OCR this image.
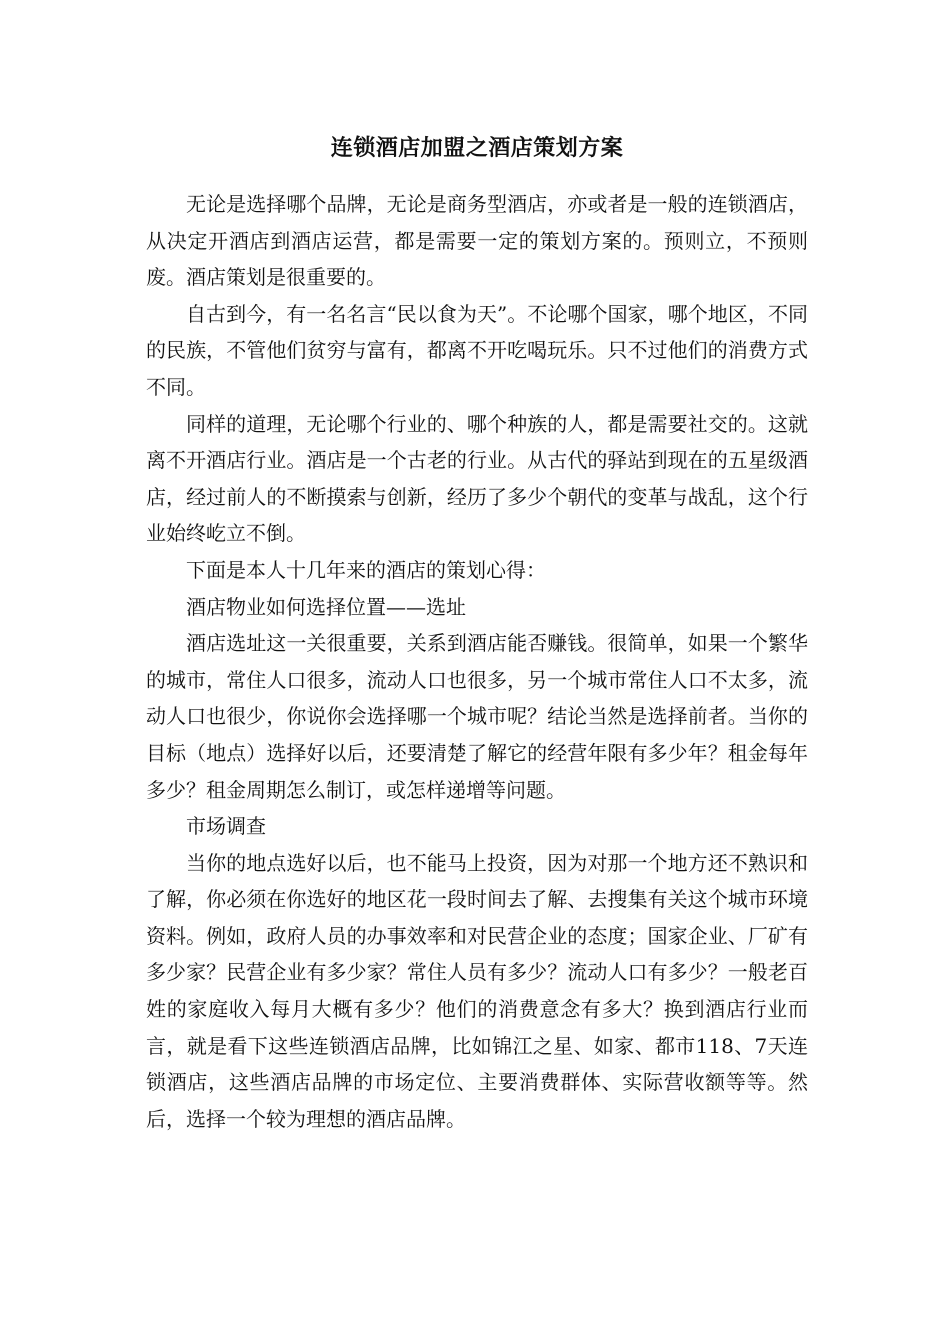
连锁酒店加盟之酒店策划方案

无论是选择哪个品牌，无论是商务型酒店，亦或者是一般的连锁酒店，从决定开酒店到酒店运营，都是需要一定的策划方案的。预则立，不预则废。酒店策划是很重要的。

自古到今，有一名名言“民以食为天”。不论哪个国家，哪个地区，不同的民族，不管他们贫穷与富有，都离不开吃喝玩乐。只不过他们的消费方式不同。

同样的道理，无论哪个行业的、哪个种族的人，都是需要社交的。这就离不开酒店行业。酒店是一个古老的行业。从古代的驿站到现在的五星级酒店，经过前人的不断摸索与创新，经历了多少个朝代的变革与战乱，这个行业始终屹立不倒。

下面是本人十几年来的酒店的策划心得：

酒店物业如何选择位置——选址

酒店选址这一关很重要，关系到酒店能否赚钱。很简单，如果一个繁华的城市，常住人口很多，流动人口也很多，另一个城市常住人口不太多，流动人口也很少，你说你会选择哪一个城市呢？结论当然是选择前者。当你的目标（地点）选择好以后，还要清楚了解它的经营年限有多少年？租金每年多少？租金周期怎么制订，或怎样递增等问题。

市场调查

当你的地点选好以后，也不能马上投资，因为对那一个地方还不熟识和了解，你必须在你选好的地区花一段时间去了解、去搜集有关这个城市环境资料。例如，政府人员的办事效率和对民营企业的态度；国家企业、厂矿有多少家？民营企业有多少家？常住人员有多少？流动人口有多少？一般老百姓的家庭收入每月大概有多少？他们的消费意念有多大？换到酒店行业而言，就是看下这些连锁酒店品牌，比如锦江之星、如家、都市118、7天连锁酒店，这些酒店品牌的市场定位、主要消费群体、实际营收额等等。然后，选择一个较为理想的酒店品牌。
